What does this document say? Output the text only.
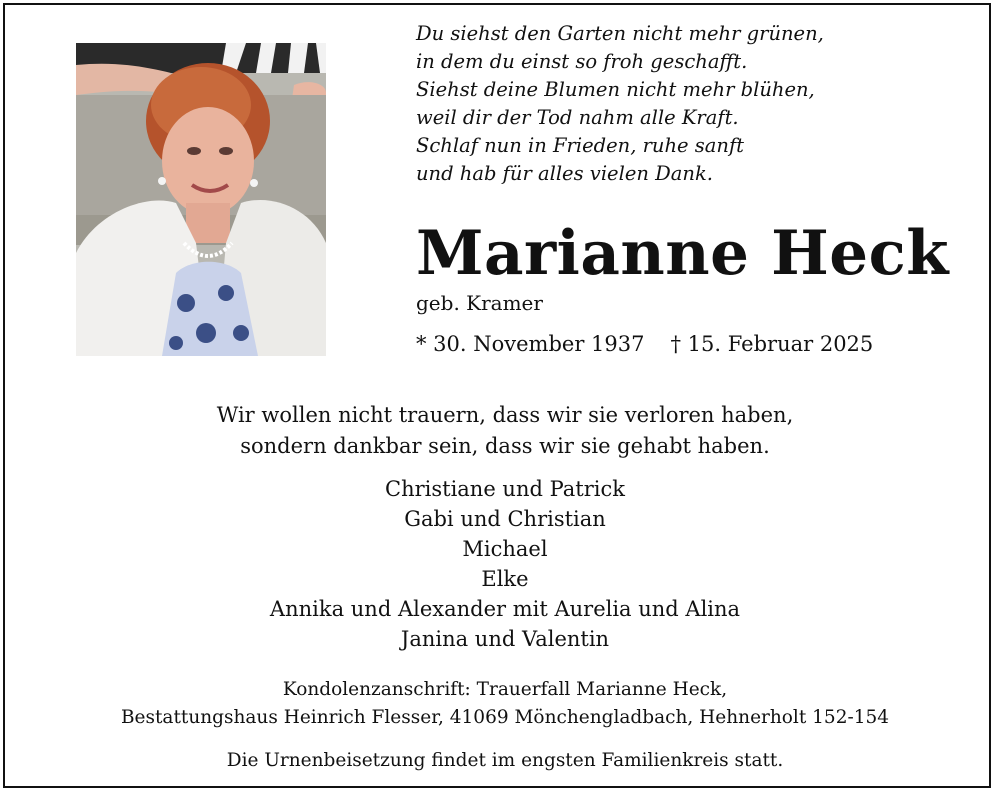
Du siehst den Garten nicht mehr grünen,
in dem du einst so froh geschafft.
Siehst deine Blumen nicht mehr blühen,
weil dir der Tod nahm alle Kraft.
Schlaf nun in Frieden, ruhe sanft
und hab für alles vielen Dank.
Marianne Heck
geb. Kramer
* 30. November 1937 † 15. Februar 2025
Wir wollen nicht trauern, dass wir sie verloren haben,
sondern dankbar sein, dass wir sie gehabt haben.
Christiane und Patrick
Gabi und Christian
Michael
Elke
Annika und Alexander mit Aurelia und Alina
Janina und Valentin
Kondolenzanschrift: Trauerfall Marianne Heck,
Bestattungshaus Heinrich Flesser, 41069 Mönchengladbach, Hehnerholt 152-154
Die Urnenbeisetzung findet im engsten Familienkreis statt.
